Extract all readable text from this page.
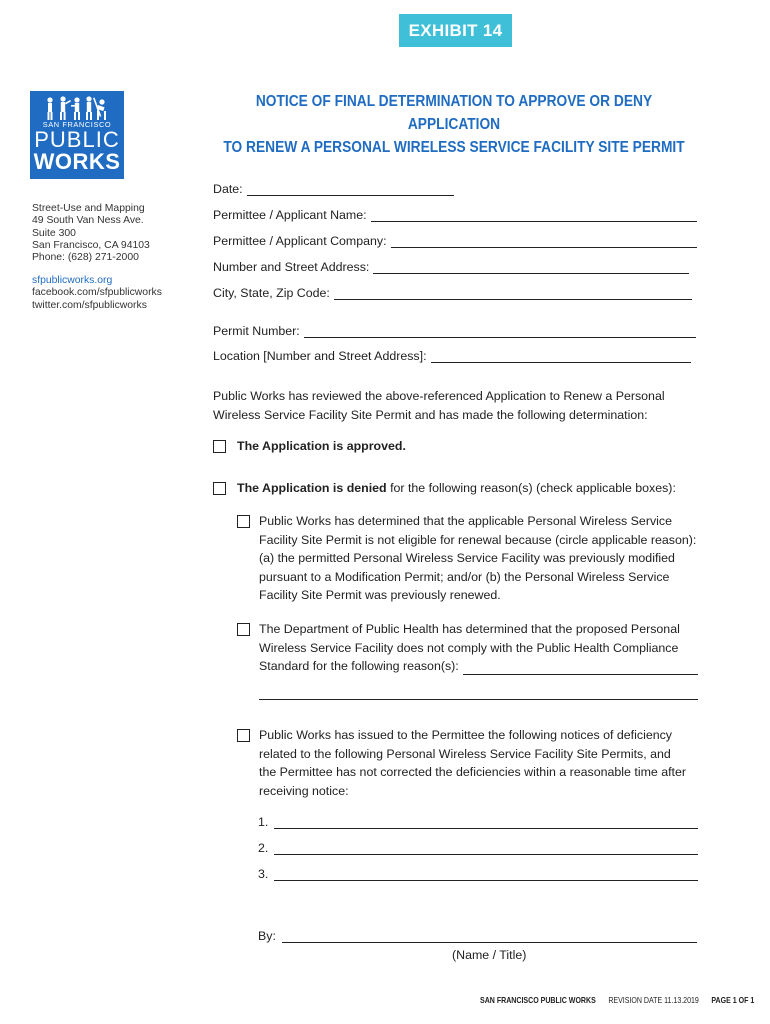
EXHIBIT 14
SAN FRANCISCO
PUBLIC
WORKS
Street-Use and Mapping
49 South Van Ness Ave.
Suite 300
San Francisco, CA 94103
Phone: (628) 271-2000
sfpublicworks.org
facebook.com/sfpublicworks
twitter.com/sfpublicworks
NOTICE OF FINAL DETERMINATION TO APPROVE OR DENY APPLICATION
TO RENEW A PERSONAL WIRELESS SERVICE FACILITY SITE PERMIT
Date:
Permittee / Applicant Name:
Permittee / Applicant Company:
Number and Street Address:
City, State, Zip Code:
Permit Number:
Location [Number and Street Address]:
Public Works has reviewed the above-referenced Application to Renew a Personal
Wireless Service Facility Site Permit and has made the following determination:
The Application is approved.
The Application is denied for the following reason(s) (check applicable boxes):
Public Works has determined that the applicable Personal Wireless Service
Facility Site Permit is not eligible for renewal because (circle applicable reason):
(a) the permitted Personal Wireless Service Facility was previously modified
pursuant to a Modification Permit; and/or (b) the Personal Wireless Service
Facility Site Permit was previously renewed.
The Department of Public Health has determined that the proposed Personal
Wireless Service Facility does not comply with the Public Health Compliance
Standard for the following reason(s):
Public Works has issued to the Permittee the following notices of deficiency
related to the following Personal Wireless Service Facility Site Permits, and
the Permittee has not corrected the deficiencies within a reasonable time after
receiving notice:
1.
2.
3.
By:
(Name / Title)
SAN FRANCISCO PUBLIC WORKS REVISION DATE 11.13.2019 PAGE 1 OF 1
